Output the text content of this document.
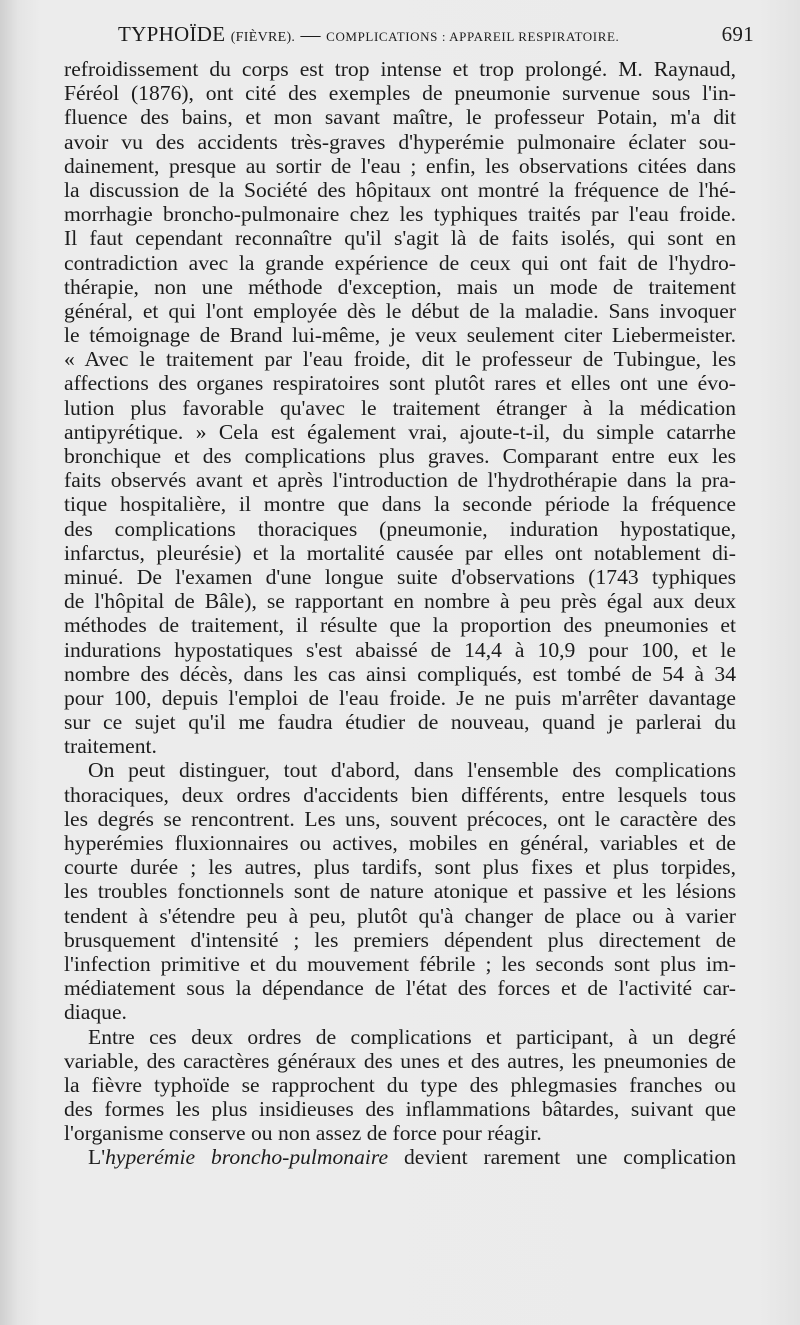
TYPHOÏDE (FIÈVRE). — COMPLICATIONS : APPAREIL RESPIRATOIRE.	691
refroidissement du corps est trop intense et trop prolongé. M. Raynaud,
Féréol (1876), ont cité des exemples de pneumonie survenue sous l'in-
fluence des bains, et mon savant maître, le professeur Potain, m'a dit
avoir vu des accidents très-graves d'hyperémie pulmonaire éclater sou-
dainement, presque au sortir de l'eau ; enfin, les observations citées dans
la discussion de la Société des hôpitaux ont montré la fréquence de l'hé-
morrhagie broncho-pulmonaire chez les typhiques traités par l'eau froide.
Il faut cependant reconnaître qu'il s'agit là de faits isolés, qui sont en
contradiction avec la grande expérience de ceux qui ont fait de l'hydro-
thérapie, non une méthode d'exception, mais un mode de traitement
général, et qui l'ont employée dès le début de la maladie. Sans invoquer
le témoignage de Brand lui-même, je veux seulement citer Liebermeister.
« Avec le traitement par l'eau froide, dit le professeur de Tubingue, les
affections des organes respiratoires sont plutôt rares et elles ont une évo-
lution plus favorable qu'avec le traitement étranger à la médication
antipyrétique. » Cela est également vrai, ajoute-t-il, du simple catarrhe
bronchique et des complications plus graves. Comparant entre eux les
faits observés avant et après l'introduction de l'hydrothérapie dans la pra-
tique hospitalière, il montre que dans la seconde période la fréquence
des complications thoraciques (pneumonie, induration hypostatique,
infarctus, pleurésie) et la mortalité causée par elles ont notablement di-
minué. De l'examen d'une longue suite d'observations (1743 typhiques
de l'hôpital de Bâle), se rapportant en nombre à peu près égal aux deux
méthodes de traitement, il résulte que la proportion des pneumonies et
indurations hypostatiques s'est abaissé de 14,4 à 10,9 pour 100, et le
nombre des décès, dans les cas ainsi compliqués, est tombé de 54 à 34
pour 100, depuis l'emploi de l'eau froide. Je ne puis m'arrêter davantage
sur ce sujet qu'il me faudra étudier de nouveau, quand je parlerai du
traitement.
On peut distinguer, tout d'abord, dans l'ensemble des complications
thoraciques, deux ordres d'accidents bien différents, entre lesquels tous
les degrés se rencontrent. Les uns, souvent précoces, ont le caractère des
hyperémies fluxionnaires ou actives, mobiles en général, variables et de
courte durée ; les autres, plus tardifs, sont plus fixes et plus torpides,
les troubles fonctionnels sont de nature atonique et passive et les lésions
tendent à s'étendre peu à peu, plutôt qu'à changer de place ou à varier
brusquement d'intensité ; les premiers dépendent plus directement de
l'infection primitive et du mouvement fébrile ; les seconds sont plus im-
médiatement sous la dépendance de l'état des forces et de l'activité car-
diaque.
Entre ces deux ordres de complications et participant, à un degré
variable, des caractères généraux des unes et des autres, les pneumonies de
la fièvre typhoïde se rapprochent du type des phlegmasies franches ou
des formes les plus insidieuses des inflammations bâtardes, suivant que
l'organisme conserve ou non assez de force pour réagir.
L'hyperémie broncho-pulmonaire devient rarement une complication
